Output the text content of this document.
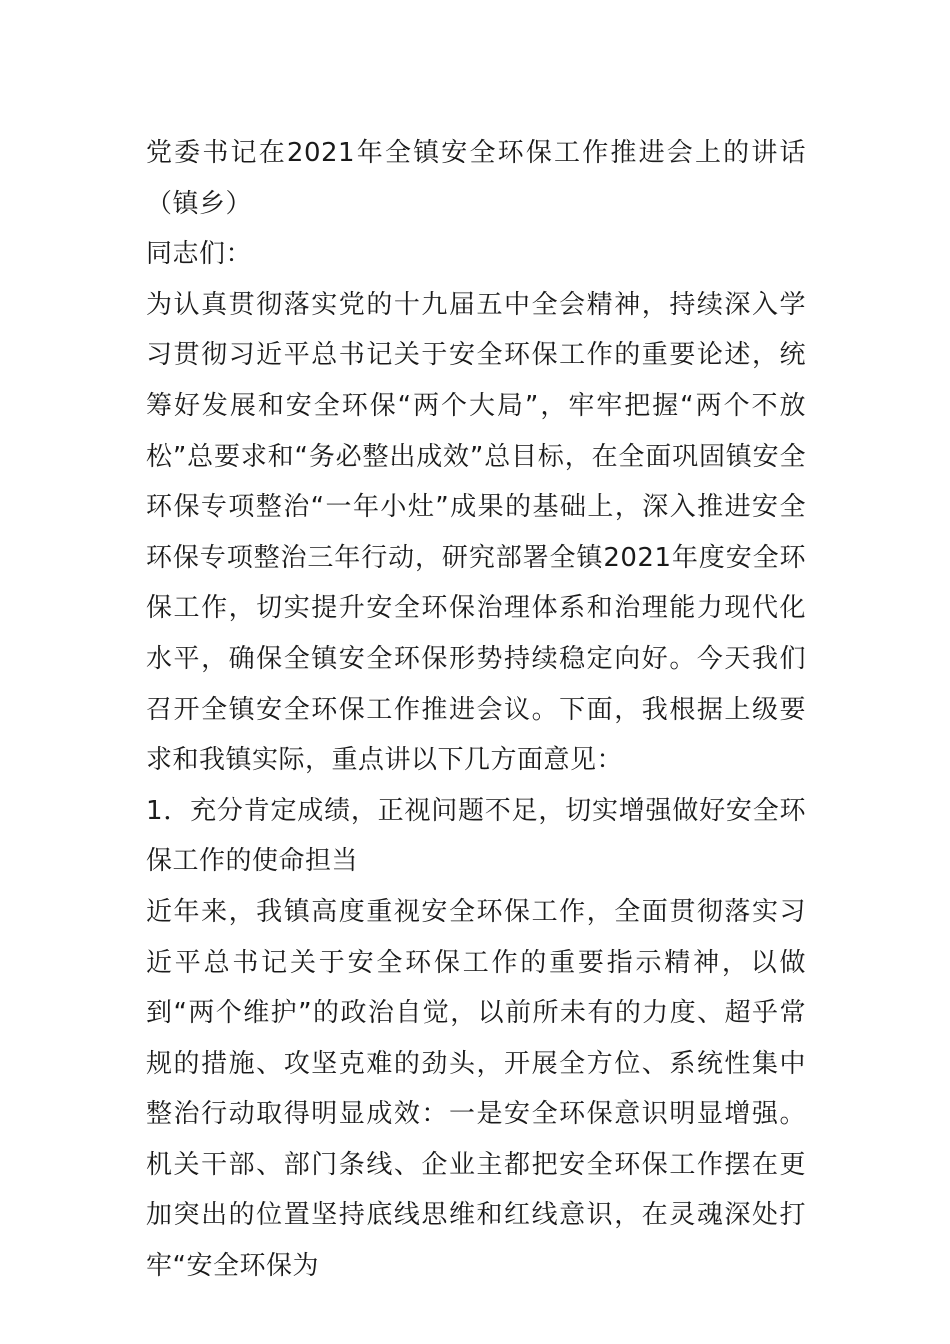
党委书记在2021年全镇安全环保工作推进会上的讲话（镇乡）

同志们：

为认真贯彻落实党的十九届五中全会精神，持续深入学习贯彻习近平总书记关于安全环保工作的重要论述，统筹好发展和安全环保“两个大局”，牢牢把握“两个不放松”总要求和“务必整出成效”总目标，在全面巩固镇安全环保专项整治“一年小灶”成果的基础上，深入推进安全环保专项整治三年行动，研究部署全镇2021年度安全环保工作，切实提升安全环保治理体系和治理能力现代化水平，确保全镇安全环保形势持续稳定向好。今天我们召开全镇安全环保工作推进会议。下面，我根据上级要求和我镇实际，重点讲以下几方面意见：

1．充分肯定成绩，正视问题不足，切实增强做好安全环保工作的使命担当

近年来，我镇高度重视安全环保工作，全面贯彻落实习近平总书记关于安全环保工作的重要指示精神，以做到“两个维护”的政治自觉，以前所未有的力度、超乎常规的措施、攻坚克难的劲头，开展全方位、系统性集中整治行动取得明显成效：一是安全环保意识明显增强。机关干部、部门条线、企业主都把安全环保工作摆在更加突出的位置坚持底线思维和红线意识，在灵魂深处打牢“安全环保为
